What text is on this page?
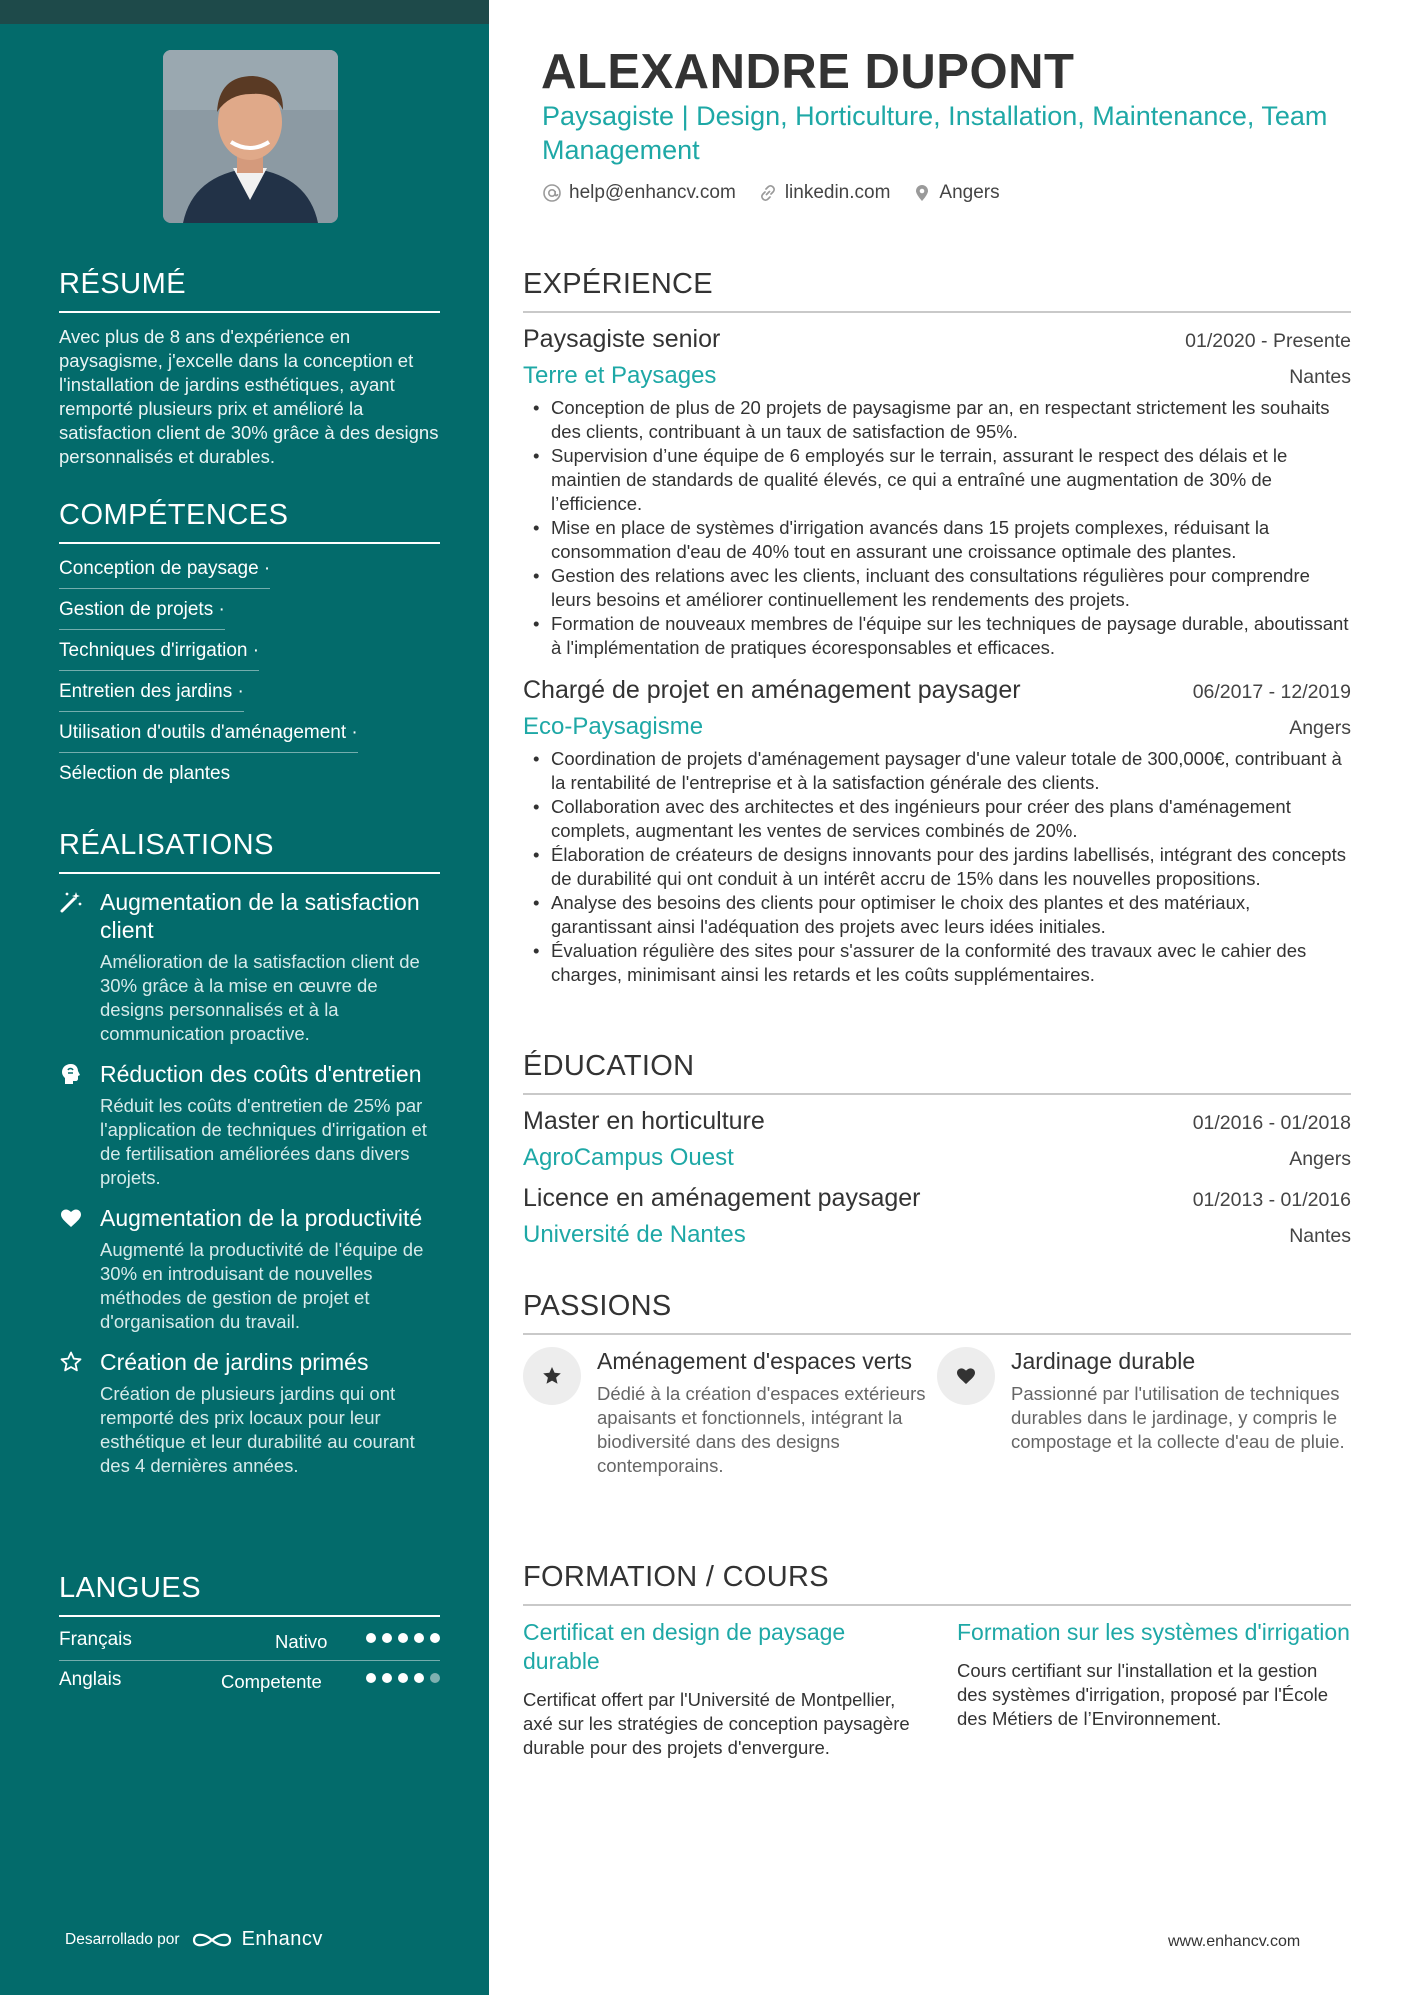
RÉSUMÉ
Avec plus de 8 ans d'expérience en paysagisme, j'excelle dans la conception et l'installation de jardins esthétiques, ayant remporté plusieurs prix et amélioré la satisfaction client de 30% grâce à des designs personnalisés et durables.
COMPÉTENCES
Conception de paysage ·
Gestion de projets ·
Techniques d'irrigation ·
Entretien des jardins ·
Utilisation d'outils d'aménagement ·
Sélection de plantes
RÉALISATIONS
Augmentation de la satisfaction client
Amélioration de la satisfaction client de 30% grâce à la mise en œuvre de designs personnalisés et à la communication proactive.
Réduction des coûts d'entretien
Réduit les coûts d'entretien de 25% par l'application de techniques d'irrigation et de fertilisation améliorées dans divers projets.
Augmentation de la productivité
Augmenté la productivité de l'équipe de 30% en introduisant de nouvelles méthodes de gestion de projet et d'organisation du travail.
Création de jardins primés
Création de plusieurs jardins qui ont remporté des prix locaux pour leur esthétique et leur durabilité au courant des 4 dernières années.
LANGUES
Français	Nativo
Anglais	Competente
Desarrollado por	Enhancv
ALEXANDRE DUPONT
Paysagiste | Design, Horticulture, Installation, Maintenance, Team Management
help@enhancv.com	linkedin.com	Angers
EXPÉRIENCE
Paysagiste senior	01/2020 - Presente
Terre et Paysages	Nantes
• Conception de plus de 20 projets de paysagisme par an, en respectant strictement les souhaits des clients, contribuant à un taux de satisfaction de 95%.
• Supervision d’une équipe de 6 employés sur le terrain, assurant le respect des délais et le maintien de standards de qualité élevés, ce qui a entraîné une augmentation de 30% de l’efficience.
• Mise en place de systèmes d'irrigation avancés dans 15 projets complexes, réduisant la consommation d'eau de 40% tout en assurant une croissance optimale des plantes.
• Gestion des relations avec les clients, incluant des consultations régulières pour comprendre leurs besoins et améliorer continuellement les rendements des projets.
• Formation de nouveaux membres de l'équipe sur les techniques de paysage durable, aboutissant à l'implémentation de pratiques écoresponsables et efficaces.
Chargé de projet en aménagement paysager	06/2017 - 12/2019
Eco-Paysagisme	Angers
• Coordination de projets d'aménagement paysager d'une valeur totale de 300,000€, contribuant à la rentabilité de l'entreprise et à la satisfaction générale des clients.
• Collaboration avec des architectes et des ingénieurs pour créer des plans d'aménagement complets, augmentant les ventes de services combinés de 20%.
• Élaboration de créateurs de designs innovants pour des jardins labellisés, intégrant des concepts de durabilité qui ont conduit à un intérêt accru de 15% dans les nouvelles propositions.
• Analyse des besoins des clients pour optimiser le choix des plantes et des matériaux, garantissant ainsi l'adéquation des projets avec leurs idées initiales.
• Évaluation régulière des sites pour s'assurer de la conformité des travaux avec le cahier des charges, minimisant ainsi les retards et les coûts supplémentaires.
ÉDUCATION
Master en horticulture	01/2016 - 01/2018
AgroCampus Ouest	Angers
Licence en aménagement paysager	01/2013 - 01/2016
Université de Nantes	Nantes
PASSIONS
Aménagement d'espaces verts
Dédié à la création d'espaces extérieurs apaisants et fonctionnels, intégrant la biodiversité dans des designs contemporains.
Jardinage durable
Passionné par l'utilisation de techniques durables dans le jardinage, y compris le compostage et la collecte d'eau de pluie.
FORMATION / COURS
Certificat en design de paysage durable
Certificat offert par l'Université de Montpellier, axé sur les stratégies de conception paysagère durable pour des projets d'envergure.
Formation sur les systèmes d'irrigation
Cours certifiant sur l'installation et la gestion des systèmes d'irrigation, proposé par l'École des Métiers de l’Environnement.
www.enhancv.com
